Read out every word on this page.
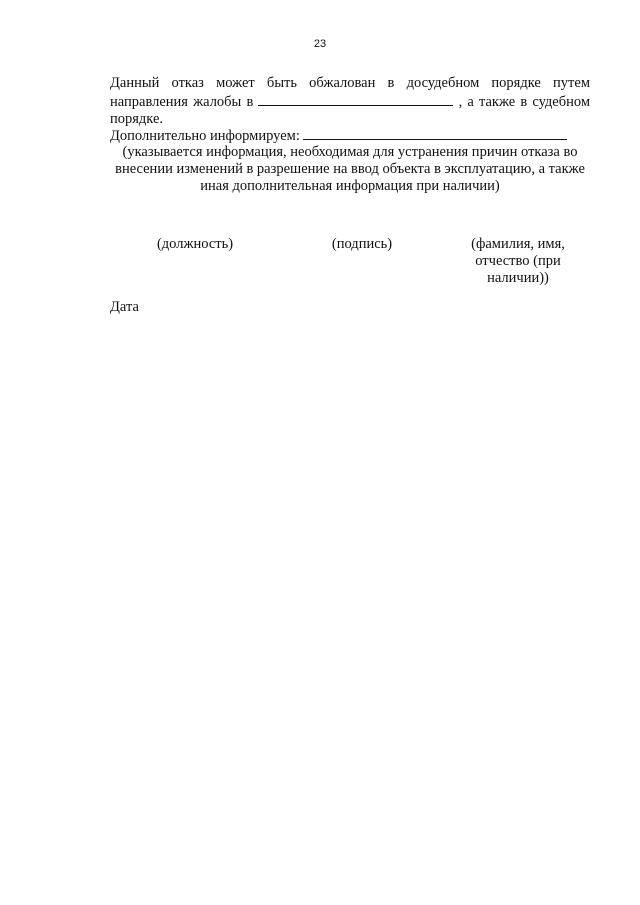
23
Данный отказ может быть обжалован в досудебном порядке путем
направления жалобы в	, а также в судебном
порядке.
Дополнительно информируем:
(указывается информация, необходимая для устранения причин отказа во внесении изменений в разрешение на ввод объекта в эксплуатацию, а также иная дополнительная информация при наличии)
(должность)	(подпись)	(фамилия, имя, отчество (при наличии))
Дата
